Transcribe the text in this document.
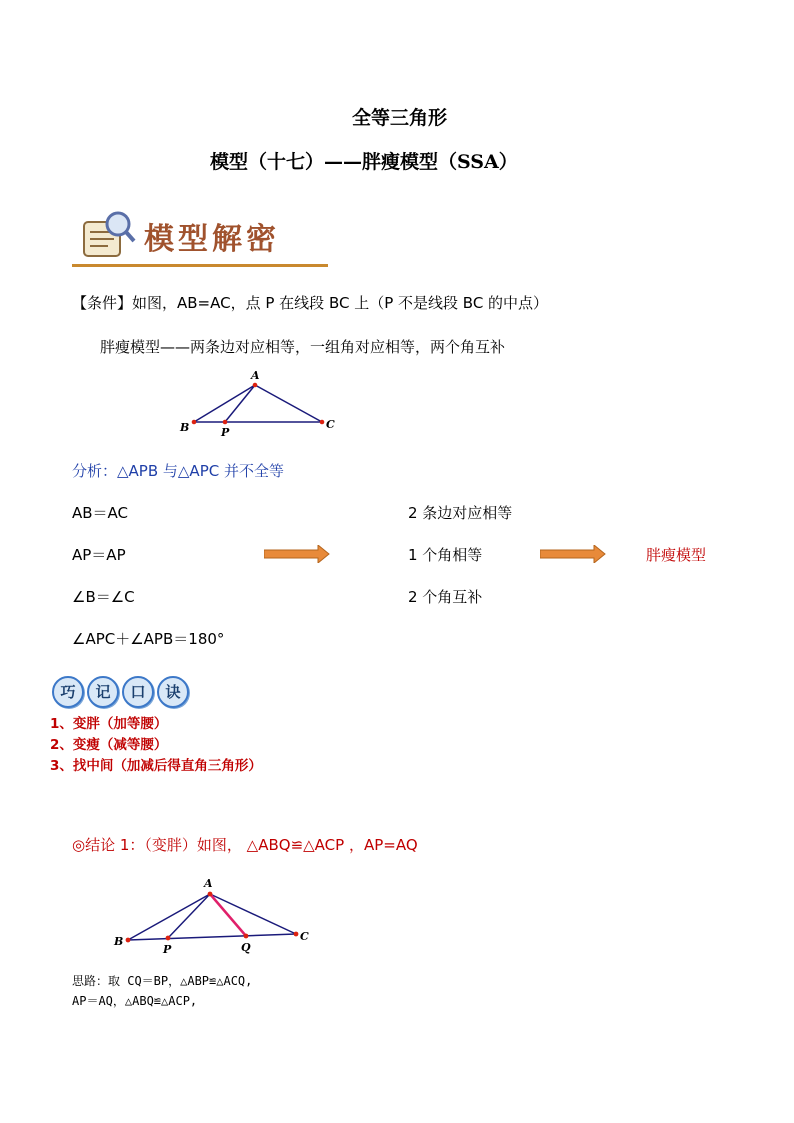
全等三角形
模型（十七）——胖瘦模型（SSA）
模型解密
【条件】如图，AB=AC，点 P 在线段 BC 上（P 不是线段 BC 的中点）
胖瘦模型——两条边对应相等，一组角对应相等，两个角互补
A
B	P
C
分析：△APB 与△APC 并不全等
AB＝AC
AP＝AP
∠B＝∠C
∠APC＋∠APB＝180°
2 条边对应相等
1 个角相等
2 个角互补
胖瘦模型
巧 记 口 诀
1、变胖（加等腰）
2、变瘦（减等腰）
3、找中间（加减后得直角三角形）
◎结论 1：（变胖）如图， △ABQ≌△ACP ，AP=AQ
A
B
P	Q
C
思路：取 CQ＝BP，△ABP≌△ACQ,
AP＝AQ，△ABQ≌△ACP,
